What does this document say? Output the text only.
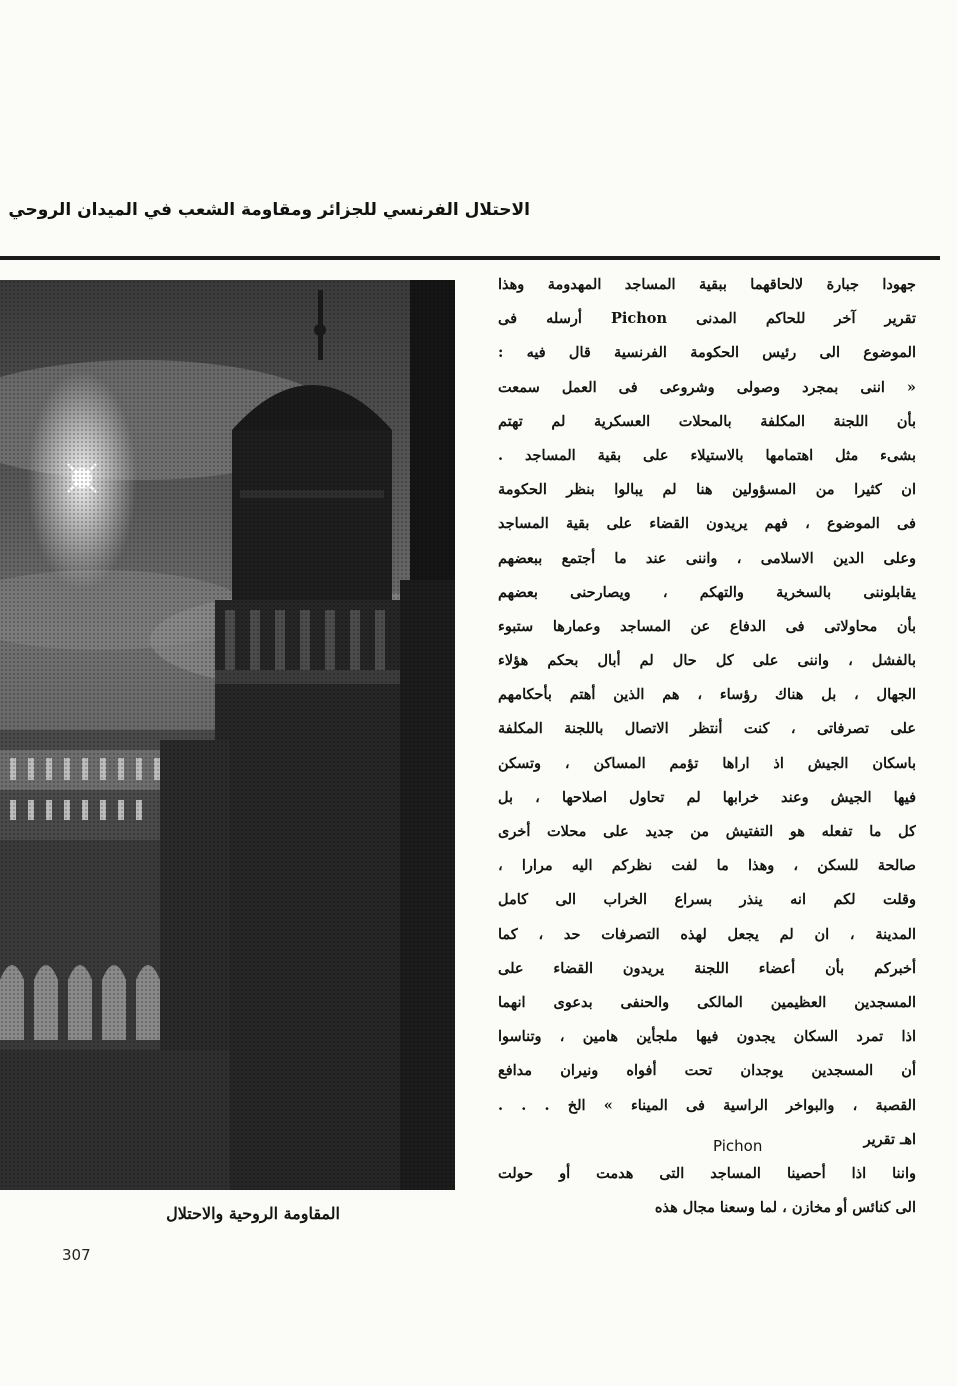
الاحتلال الفرنسي للجزائر ومقاومة الشعب في الميدان الروحي
المقاومة الروحية والاحتلال
جهودا جبارة لالحاقهما ببقية المساجد المهدومة وهذا
تقرير آخر للحاكم المدنى Pichon أرسله فى
الموضوع الى رئيس الحكومة الفرنسية قال فيه :
« اننى بمجرد وصولى وشروعى فى العمل سمعت
بأن اللجنة المكلفة بالمحلات العسكرية لم تهتم
بشىء مثل اهتمامها بالاستيلاء على بقية المساجد .
ان كثيرا من المسؤولين هنا لم يبالوا بنظر الحكومة
فى الموضوع ، فهم يريدون القضاء على بقية المساجد
وعلى الدين الاسلامى ، واننى عند ما أجتمع ببعضهم
يقابلوننى بالسخرية والتهكم ، ويصارحنى بعضهم
بأن محاولاتى فى الدفاع عن المساجد وعمارها ستبوء
بالفشل ، واننى على كل حال لم أبال بحكم هؤلاء
الجهال ، بل هناك رؤساء ، هم الذين أهتم بأحكامهم
على تصرفاتى ، كنت أنتظر الاتصال باللجنة المكلفة
باسكان الجيش اذ اراها تؤمم المساكن ، وتسكن
فيها الجيش وعند خرابها لم تحاول اصلاحها ، بل
كل ما تفعله هو التفتيش من جديد على محلات أخرى
صالحة للسكن ، وهذا ما لفت نظركم اليه مرارا ،
وقلت لكم انه ينذر بسراع الخراب الى كامل
المدينة ، ان لم يجعل لهذه التصرفات حد ، كما
أخبركم بأن أعضاء اللجنة يريدون القضاء على
المسجدين العظيمين المالكى والحنفى بدعوى انهما
اذا تمرد السكان يجدون فيها ملجأين هامين ، وتناسوا
أن المسجدين يوجدان تحت أفواه ونيران مدافع
القصبة ، والبواخر الراسية فى الميناء » الخ . . .
اهـ تقرير
Pichon
واننا اذا أحصينا المساجد التى هدمت أو حولت
الى كنائس أو مخازن ، لما وسعنا مجال هذه
307
